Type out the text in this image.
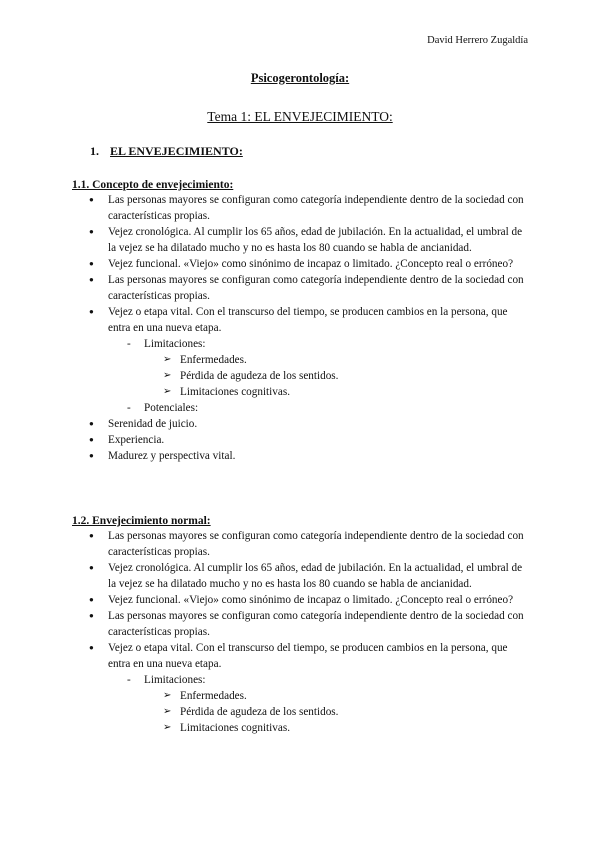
David Herrero Zugaldía
Psicogerontología:
Tema 1: EL ENVEJECIMIENTO:
1. EL ENVEJECIMIENTO:
1.1. Concepto de envejecimiento:
● Las personas mayores se configuran como categoría independiente dentro de la sociedad con características propias.
● Vejez cronológica. Al cumplir los 65 años, edad de jubilación. En la actualidad, el umbral de la vejez se ha dilatado mucho y no es hasta los 80 cuando se habla de ancianidad.
● Vejez funcional. «Viejo» como sinónimo de incapaz o limitado. ¿Concepto real o erróneo?
● Las personas mayores se configuran como categoría independiente dentro de la sociedad con características propias.
● Vejez o etapa vital. Con el transcurso del tiempo, se producen cambios en la persona, que entra en una nueva etapa.
- Limitaciones:
➢ Enfermedades.
➢ Pérdida de agudeza de los sentidos.
➢ Limitaciones cognitivas.
- Potenciales:
● Serenidad de juicio.
● Experiencia.
● Madurez y perspectiva vital.
1.2. Envejecimiento normal:
● Las personas mayores se configuran como categoría independiente dentro de la sociedad con características propias.
● Vejez cronológica. Al cumplir los 65 años, edad de jubilación. En la actualidad, el umbral de la vejez se ha dilatado mucho y no es hasta los 80 cuando se habla de ancianidad.
● Vejez funcional. «Viejo» como sinónimo de incapaz o limitado. ¿Concepto real o erróneo?
● Las personas mayores se configuran como categoría independiente dentro de la sociedad con características propias.
● Vejez o etapa vital. Con el transcurso del tiempo, se producen cambios en la persona, que entra en una nueva etapa.
- Limitaciones:
➢ Enfermedades.
➢ Pérdida de agudeza de los sentidos.
➢ Limitaciones cognitivas.
